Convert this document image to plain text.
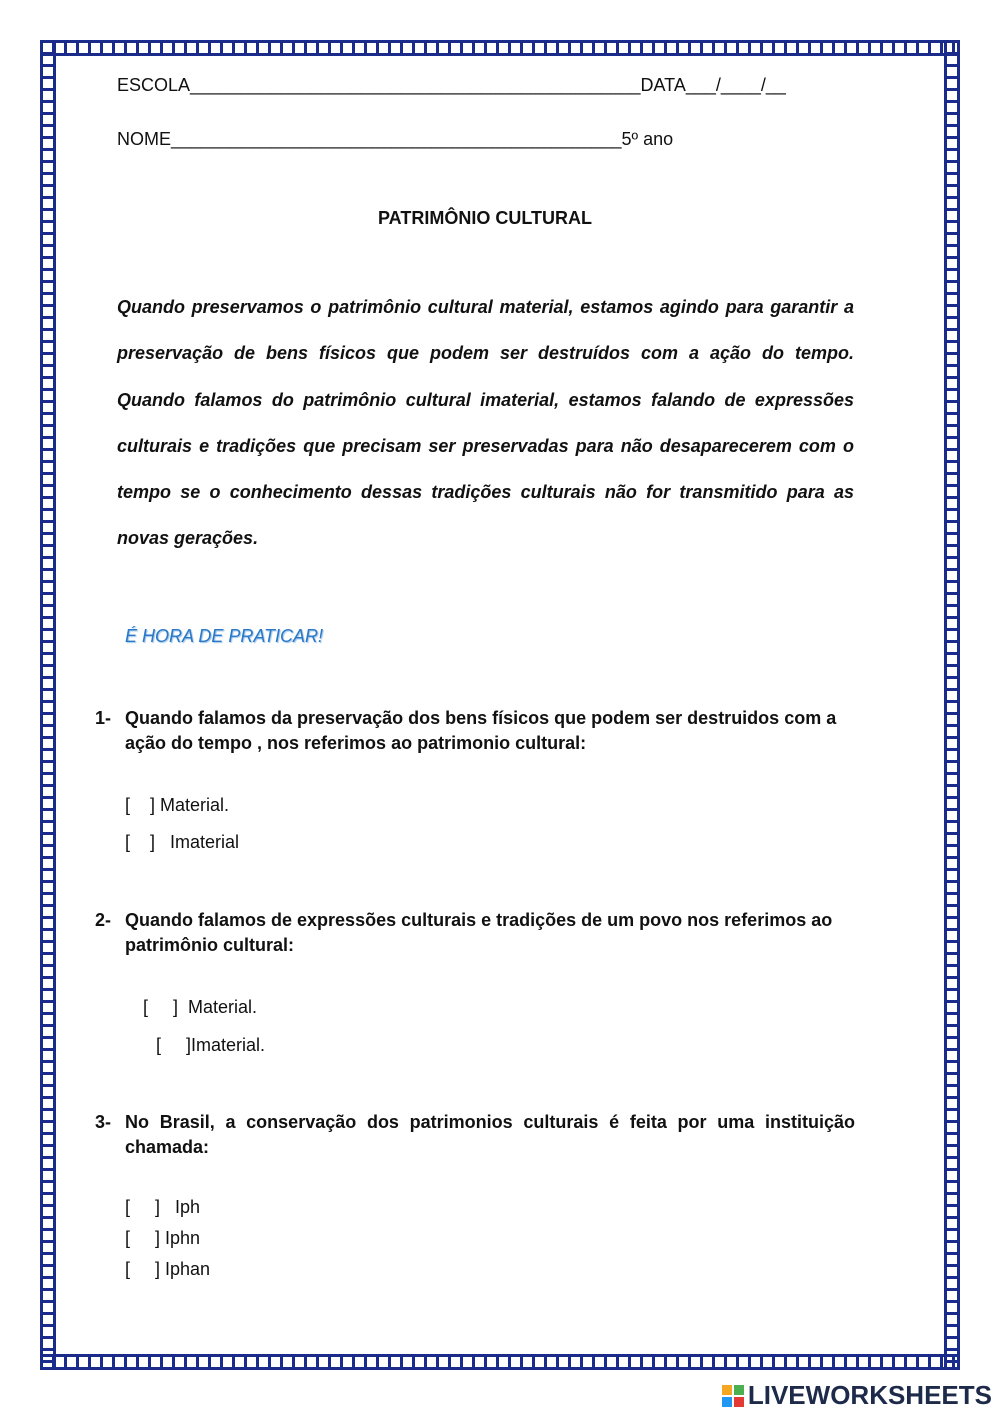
ESCOLA_____________________________________________DATA___/____/__
NOME_____________________________________________5º ano
PATRIMÔNIO CULTURAL
Quando preservamos o patrimônio cultural material, estamos agindo para garantir a preservação de bens físicos que podem ser destruídos com a ação do tempo. Quando falamos do patrimônio cultural imaterial, estamos falando de expressões culturais e tradições que precisam ser preservadas para não desaparecerem com o tempo se o conhecimento dessas tradições culturais não for transmitido para as novas gerações.
É HORA DE PRATICAR!
1- Quando falamos da preservação dos bens físicos que podem ser destruidos com a ação do tempo , nos referimos ao patrimonio cultural:
[    ] Material.
[    ]   Imaterial
2- Quando falamos de expressões culturais e tradições de um povo nos referimos ao patrimônio cultural:
[     ]  Material.
[     ]Imaterial.
3- No Brasil, a conservação dos patrimonios culturais é feita por uma instituição chamada:
[     ]   Iph
[     ] Iphn
[     ] Iphan
LIVEWORKSHEETS
